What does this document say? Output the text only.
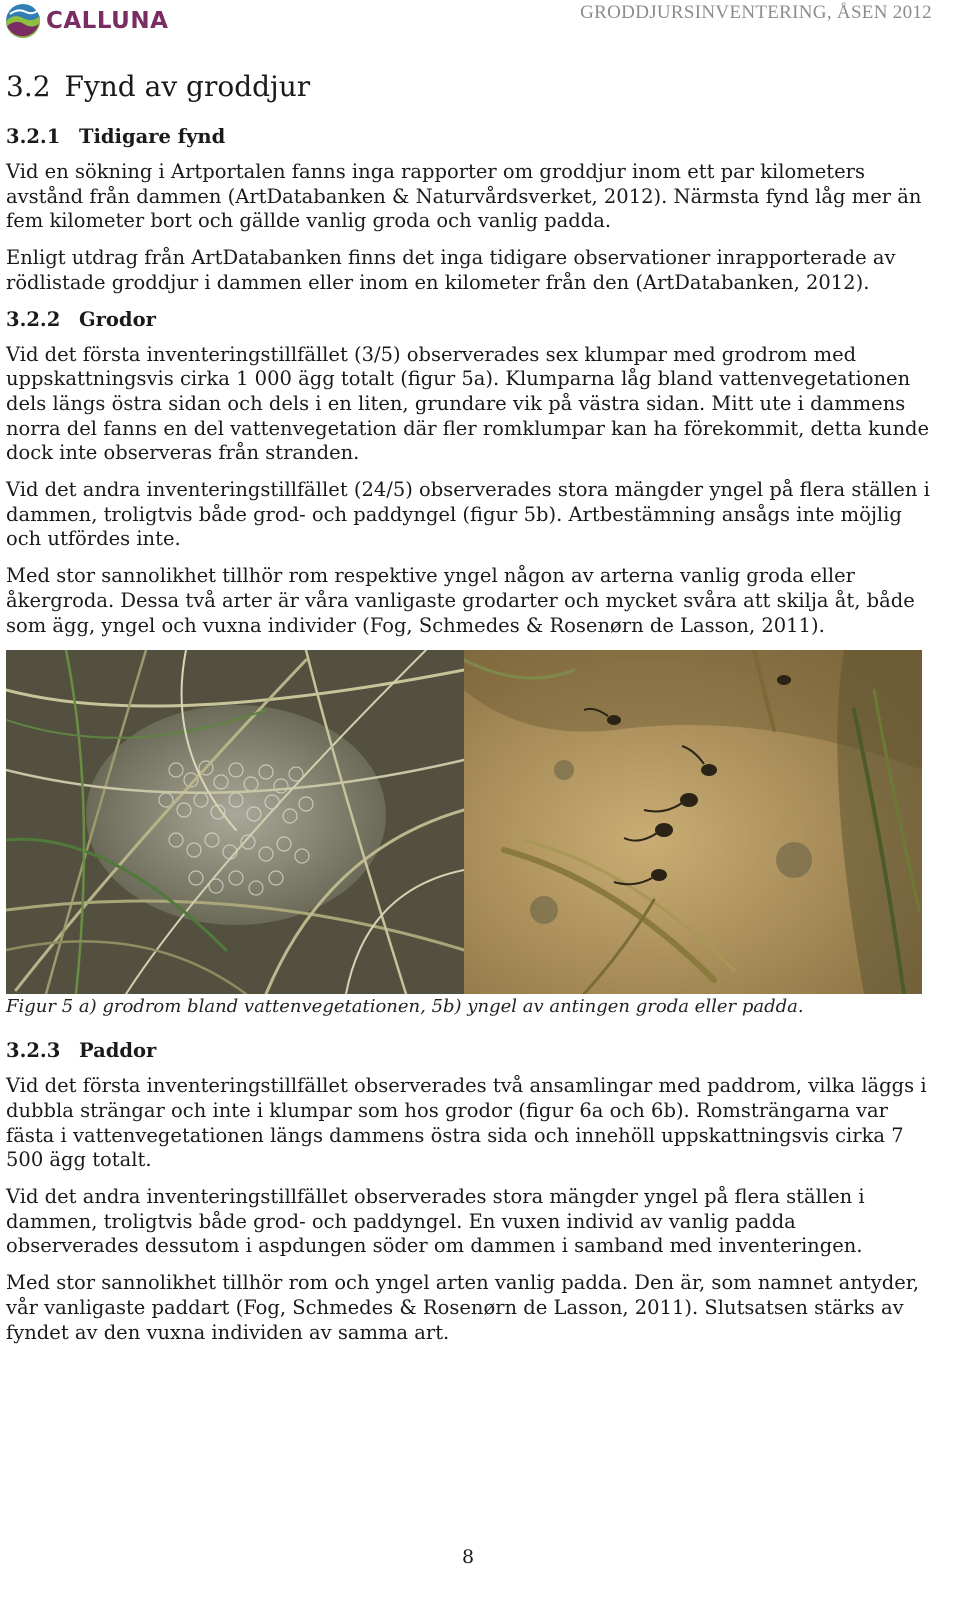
CALLUNA	GRODDJURSINVENTERING, ÅSEN 2012
3.2 Fynd av groddjur
3.2.1 Tidigare fynd

Vid en sökning i Artportalen fanns inga rapporter om groddjur inom ett par kilometers avstånd från dammen (ArtDatabanken & Naturvårdsverket, 2012). Närmsta fynd låg mer än fem kilometer bort och gällde vanlig groda och vanlig padda.

Enligt utdrag från ArtDatabanken finns det inga tidigare observationer inrapporterade av rödlistade groddjur i dammen eller inom en kilometer från den (ArtDatabanken, 2012).

3.2.2 Grodor

Vid det första inventeringstillfället (3/5) observerades sex klumpar med grodrom med uppskattningsvis cirka 1 000 ägg totalt (figur 5a). Klumparna låg bland vattenvegetationen dels längs östra sidan och dels i en liten, grundare vik på västra sidan. Mitt ute i dammens norra del fanns en del vattenvegetation där fler romklumpar kan ha förekommit, detta kunde dock inte observeras från stranden.

Vid det andra inventeringstillfället (24/5) observerades stora mängder yngel på flera ställen i dammen, troligtvis både grod- och paddyngel (figur 5b). Artbestämning ansågs inte möjlig och utfördes inte.

Med stor sannolikhet tillhör rom respektive yngel någon av arterna vanlig groda eller åkergroda. Dessa två arter är våra vanligaste grodarter och mycket svåra att skilja åt, både som ägg, yngel och vuxna individer (Fog, Schmedes & Rosenørn de Lasson, 2011).

Figur 5 a) grodrom bland vattenvegetationen, 5b) yngel av antingen groda eller padda.
3.2.3 Paddor

Vid det första inventeringstillfället observerades två ansamlingar med paddrom, vilka läggs i dubbla strängar och inte i klumpar som hos grodor (figur 6a och 6b). Romsträngarna var fästa i vattenvegetationen längs dammens östra sida och innehöll uppskattningsvis cirka 7 500 ägg totalt.

Vid det andra inventeringstillfället observerades stora mängder yngel på flera ställen i dammen, troligtvis både grod- och paddyngel. En vuxen individ av vanlig padda observerades dessutom i aspdungen söder om dammen i samband med inventeringen.

Med stor sannolikhet tillhör rom och yngel arten vanlig padda. Den är, som namnet antyder, vår vanligaste paddart (Fog, Schmedes & Rosenørn de Lasson, 2011). Slutsatsen stärks av fyndet av den vuxna individen av samma art.

8
